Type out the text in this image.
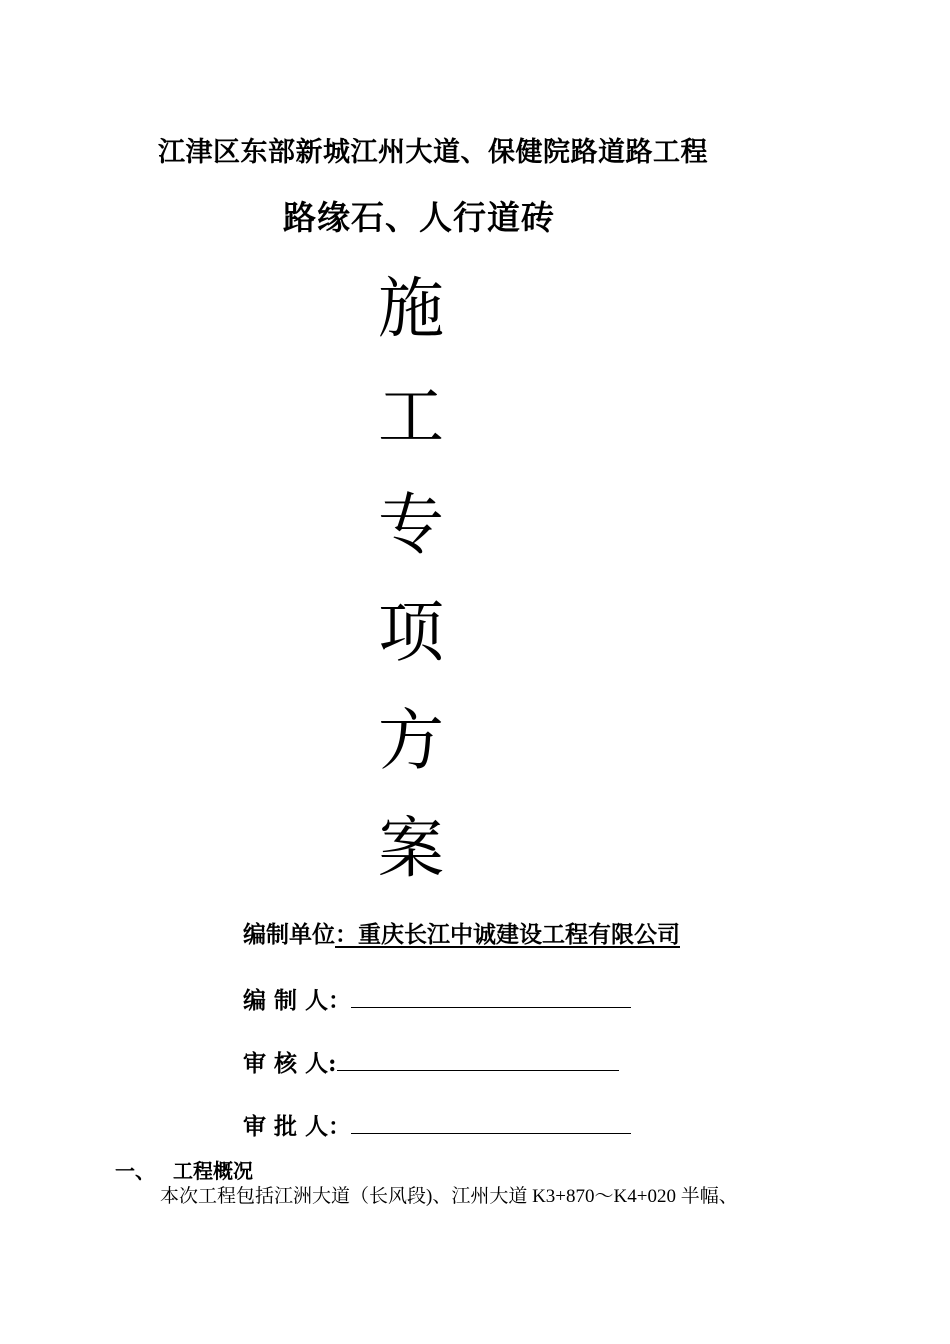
江津区东部新城江州大道、保健院路道路工程
路缘石、人行道砖
施
工
专
项
方
案
编制单位：重庆长江中诚建设工程有限公司
编 制 人：
审 核 人:
审 批 人：
一、 工程概况
本次工程包括江洲大道（长风段)、江州大道 K3+870～K4+020 半幅、
